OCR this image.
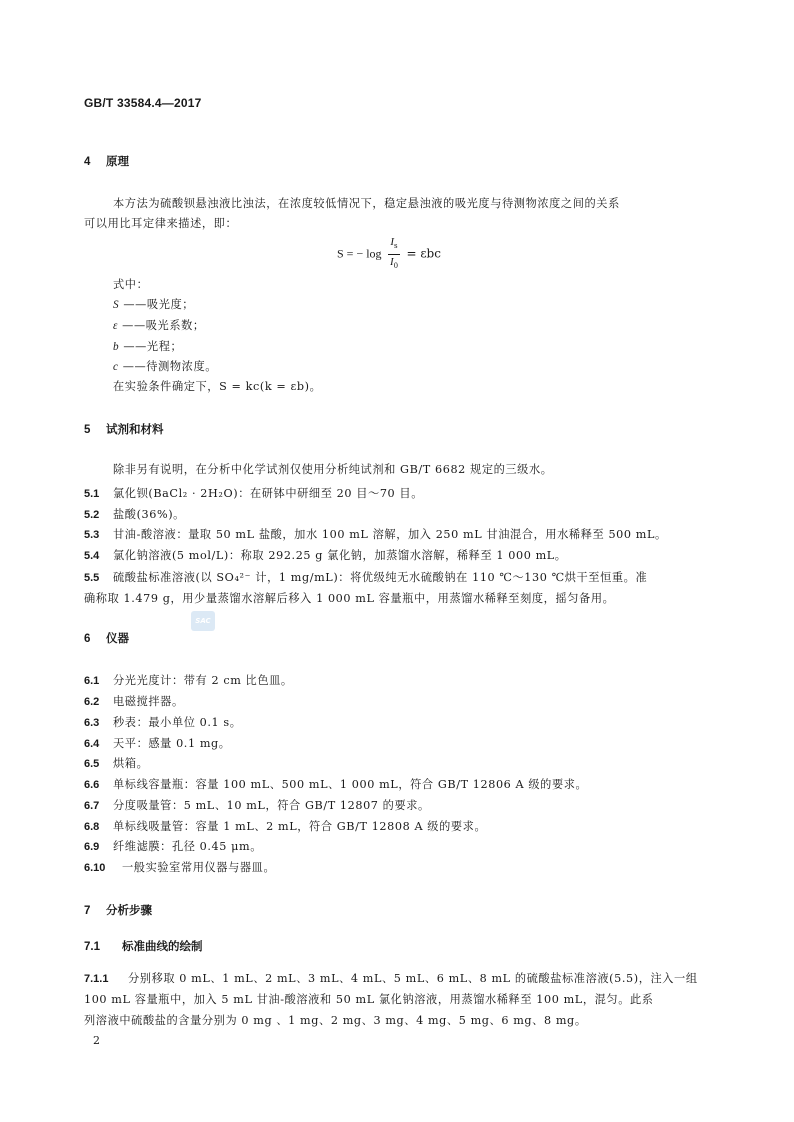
GB/T 33584.4—2017
4 原理
本方法为硫酸钡悬浊液比浊法，在浓度较低情况下，稳定悬浊液的吸光度与待测物浓度之间的关系
可以用比耳定律来描述，即：
S = − $\log \frac{I_s}{I_0} = \varepsilon bc$
式中：
S ——吸光度；
ε ——吸光系数；
b ——光程；
c ——待测物浓度。
在实验条件确定下，S = kc(k = εb)。
5 试剂和材料
除非另有说明，在分析中化学试剂仅使用分析纯试剂和 GB/T 6682 规定的三级水。
5.1 氯化钡(BaCl₂ · 2H₂O)：在研钵中研细至 20 目～70 目。
5.2 盐酸(36%)。
5.3 甘油-酸溶液：量取 50 mL 盐酸，加水 100 mL 溶解，加入 250 mL 甘油混合，用水稀释至 500 mL。
5.4 氯化钠溶液(5 mol/L)：称取 292.25 g 氯化钠，加蒸馏水溶解，稀释至 1 000 mL。
5.5 硫酸盐标准溶液(以 SO₄²⁻ 计，1 mg/mL)：将优级纯无水硫酸钠在 110 ℃～130 ℃烘干至恒重。准
确称取 1.479 g，用少量蒸馏水溶解后移入 1 000 mL 容量瓶中，用蒸馏水稀释至刻度，摇匀备用。
SAC
6 仪器
6.1 分光光度计：带有 2 cm 比色皿。
6.2 电磁搅拌器。
6.3 秒表：最小单位 0.1 s。
6.4 天平：感量 0.1 mg。
6.5 烘箱。
6.6 单标线容量瓶：容量 100 mL、500 mL、1 000 mL，符合 GB/T 12806 A 级的要求。
6.7 分度吸量管：5 mL、10 mL，符合 GB/T 12807 的要求。
6.8 单标线吸量管：容量 1 mL、2 mL，符合 GB/T 12808 A 级的要求。
6.9 纤维滤膜：孔径 0.45 μm。
6.10 一般实验室常用仪器与器皿。
7 分析步骤
7.1 标准曲线的绘制
7.1.1 分别移取 0 mL、1 mL、2 mL、3 mL、4 mL、5 mL、6 mL、8 mL 的硫酸盐标准溶液(5.5)，注入一组
100 mL 容量瓶中，加入 5 mL 甘油-酸溶液和 50 mL 氯化钠溶液，用蒸馏水稀释至 100 mL，混匀。此系
列溶液中硫酸盐的含量分别为 0 mg 、1 mg、2 mg、3 mg、4 mg、5 mg、6 mg、8 mg。
2
